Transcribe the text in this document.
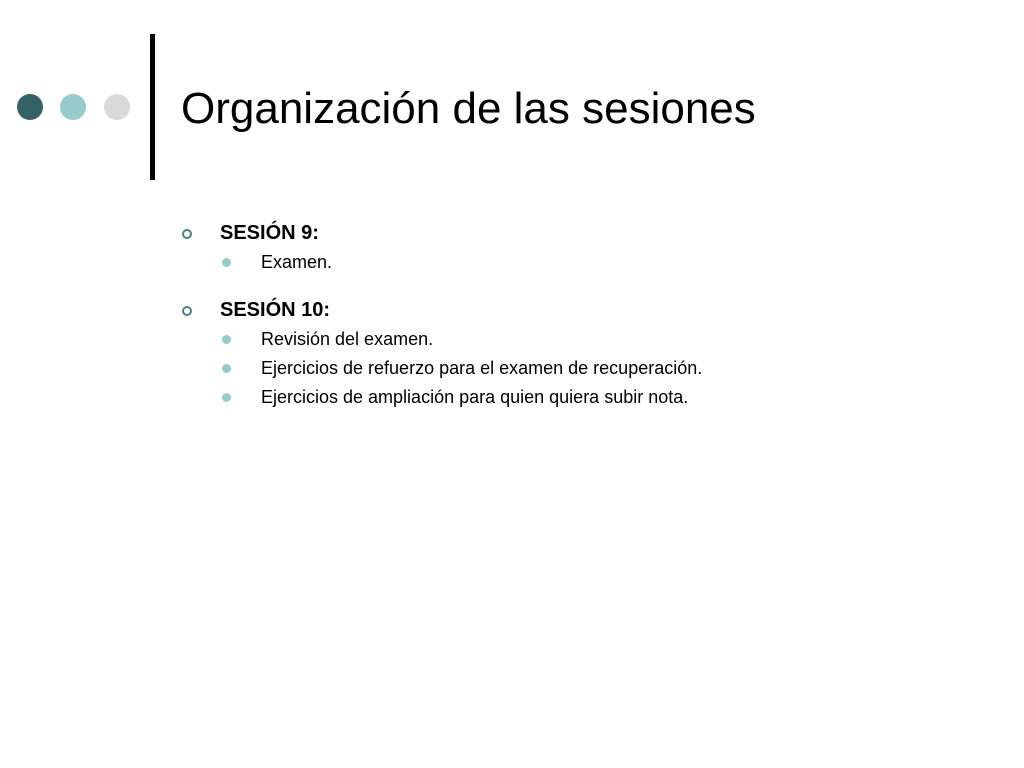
Organización de las sesiones
SESIÓN 9:
Examen.
SESIÓN 10:
Revisión del examen.
Ejercicios de refuerzo para el examen de recuperación.
Ejercicios de ampliación para quien quiera subir nota.
